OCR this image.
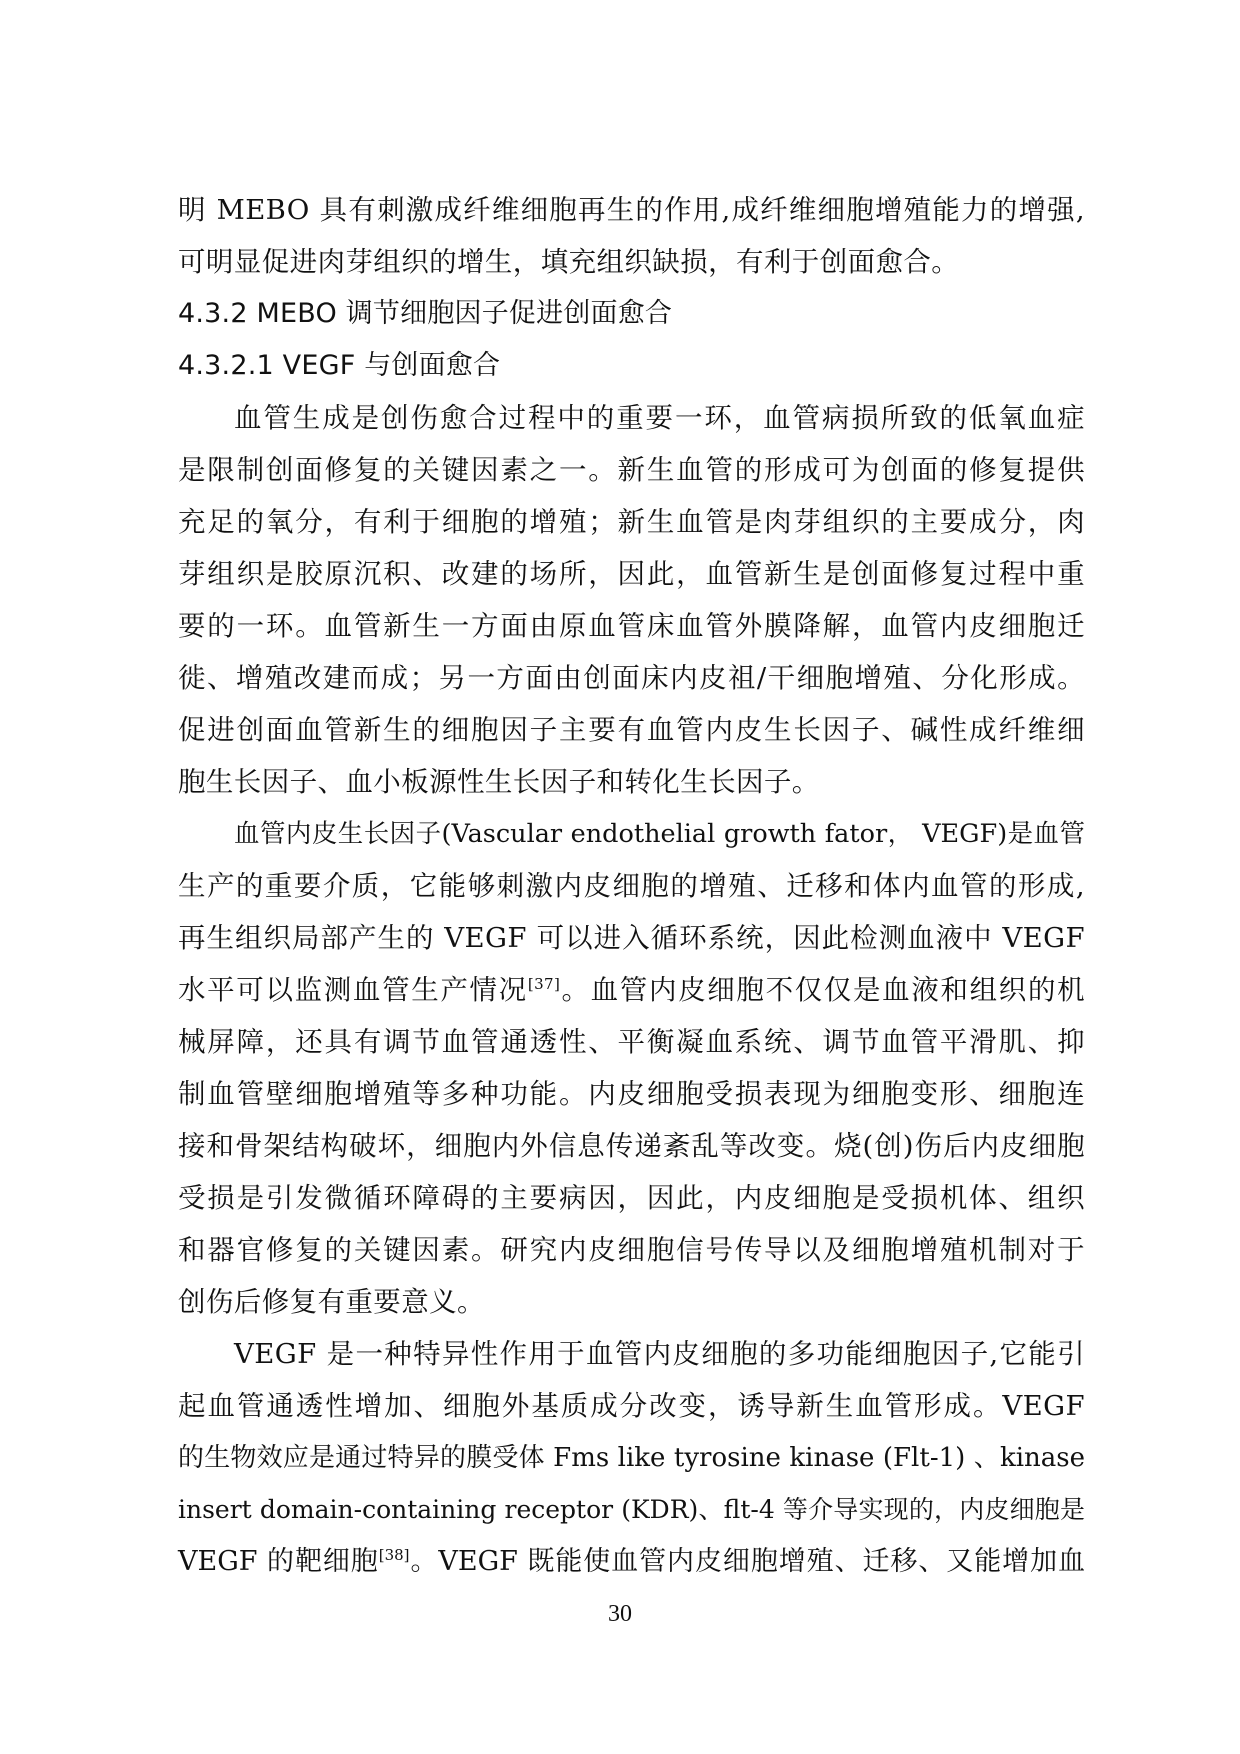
明 MEBO 具有刺激成纤维细胞再生的作用,成纤维细胞增殖能力的增强,
可明显促进肉芽组织的增生，填充组织缺损，有利于创面愈合。
4.3.2 MEBO 调节细胞因子促进创面愈合
4.3.2.1 VEGF 与创面愈合
血管生成是创伤愈合过程中的重要一环，血管病损所致的低氧血症
是限制创面修复的关键因素之一。新生血管的形成可为创面的修复提供
充足的氧分，有利于细胞的增殖；新生血管是肉芽组织的主要成分，肉
芽组织是胶原沉积、改建的场所，因此，血管新生是创面修复过程中重
要的一环。血管新生一方面由原血管床血管外膜降解，血管内皮细胞迁
徙、增殖改建而成；另一方面由创面床内皮祖/干细胞增殖、分化形成。
促进创面血管新生的细胞因子主要有血管内皮生长因子、碱性成纤维细
胞生长因子、血小板源性生长因子和转化生长因子。
血管内皮生长因子(Vascular endothelial growth fator， VEGF)是血管
生产的重要介质，它能够刺激内皮细胞的增殖、迁移和体内血管的形成,
再生组织局部产生的 VEGF 可以进入循环系统，因此检测血液中 VEGF
水平可以监测血管生产情况[37]。血管内皮细胞不仅仅是血液和组织的机
械屏障，还具有调节血管通透性、平衡凝血系统、调节血管平滑肌、抑
制血管壁细胞增殖等多种功能。内皮细胞受损表现为细胞变形、细胞连
接和骨架结构破坏，细胞内外信息传递紊乱等改变。烧(创)伤后内皮细胞
受损是引发微循环障碍的主要病因，因此，内皮细胞是受损机体、组织
和器官修复的关键因素。研究内皮细胞信号传导以及细胞增殖机制对于
创伤后修复有重要意义。
VEGF 是一种特异性作用于血管内皮细胞的多功能细胞因子,它能引
起血管通透性增加、细胞外基质成分改变，诱导新生血管形成。VEGF
的生物效应是通过特异的膜受体 Fms like tyrosine kinase (Flt-1) 、kinase
insert domain-containing receptor (KDR)、flt-4 等介导实现的，内皮细胞是
VEGF 的靶细胞[38]。VEGF 既能使血管内皮细胞增殖、迁移、又能增加血
30
